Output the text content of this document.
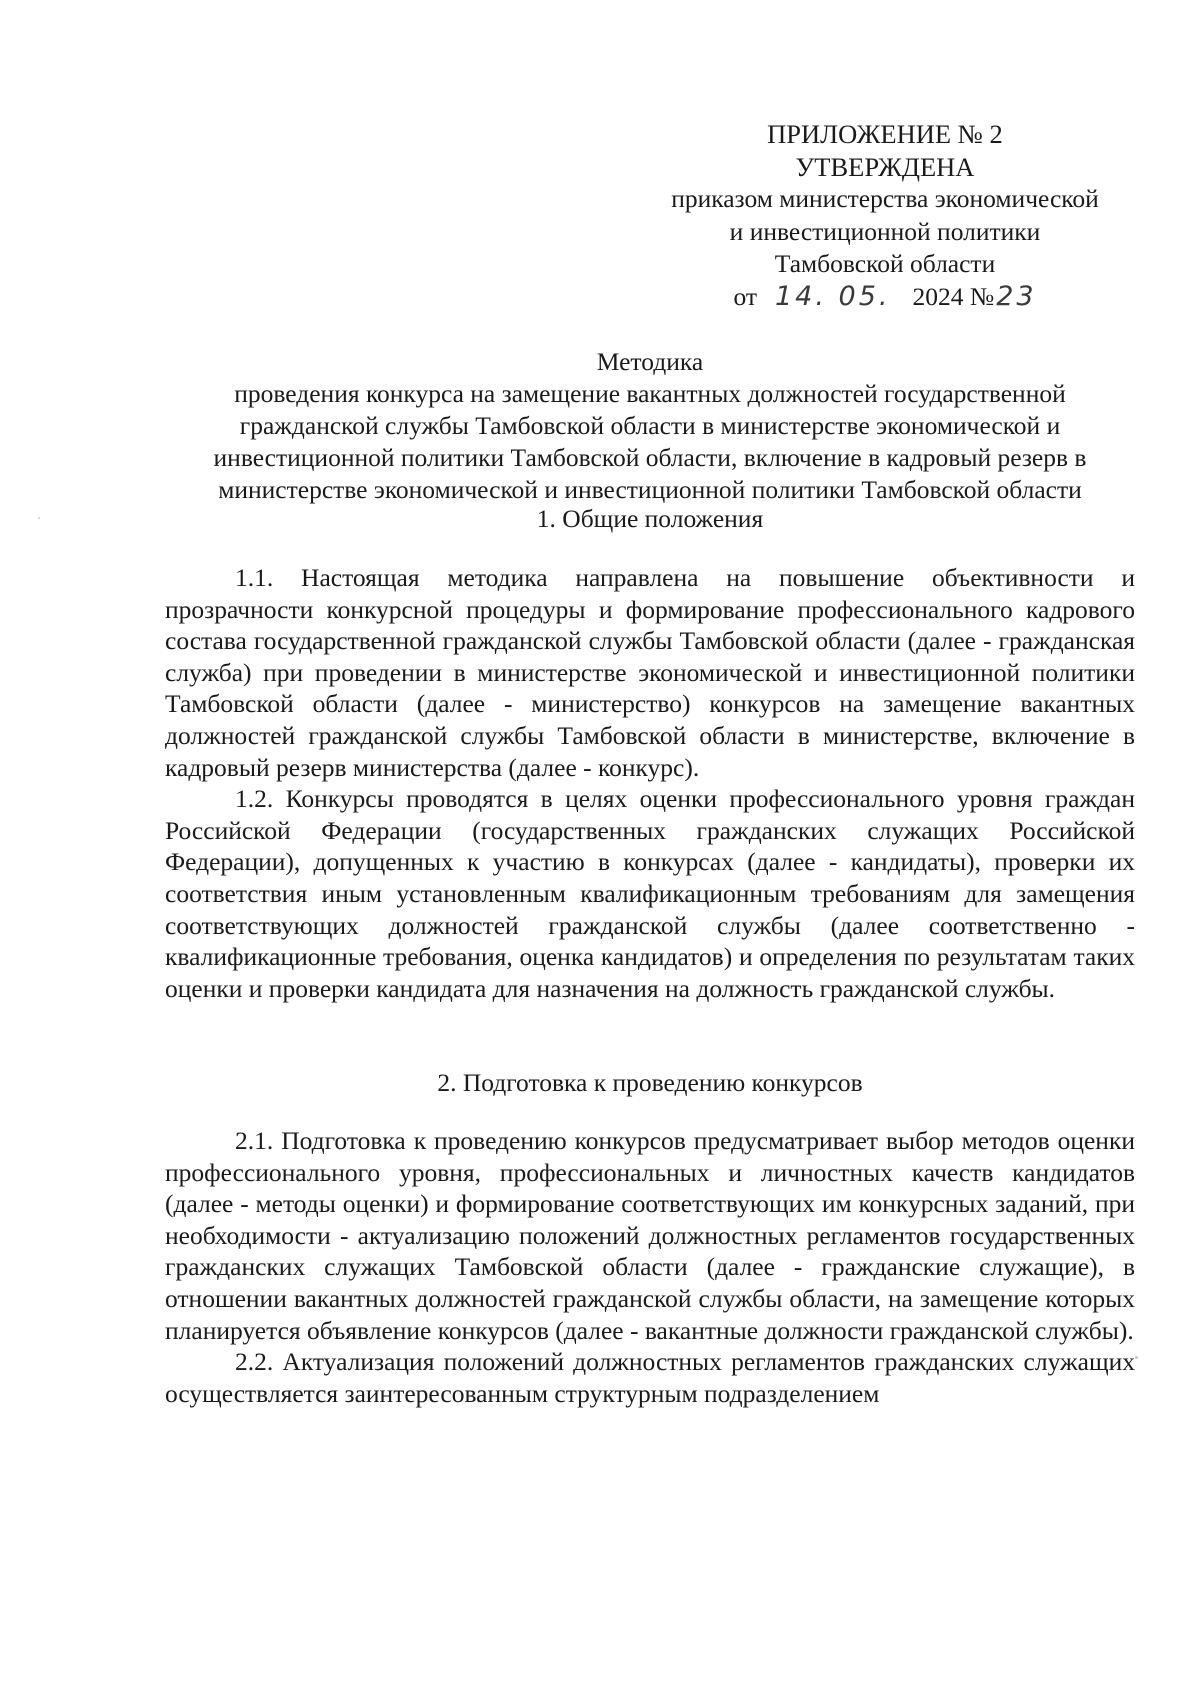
ПРИЛОЖЕНИЕ № 2
УТВЕРЖДЕНА
приказом министерства экономической
и инвестиционной политики
Тамбовской области
от 14. 05. 2024 №23
Методика
проведения конкурса на замещение вакантных должностей государственной гражданской службы Тамбовской области в министерстве экономической и инвестиционной политики Тамбовской области, включение в кадровый резерв в министерстве экономической и инвестиционной политики Тамбовской области
1. Общие положения

1.1. Настоящая методика направлена на повышение объективности и прозрачности конкурсной процедуры и формирование профессионального кадрового состава государственной гражданской службы Тамбовской области (далее - гражданская служба) при проведении в министерстве экономической и инвестиционной политики Тамбовской области (далее - министерство) конкурсов на замещение вакантных должностей гражданской службы Тамбовской области в министерстве, включение в кадровый резерв министерства (далее - конкурс).

1.2. Конкурсы проводятся в целях оценки профессионального уровня граждан Российской Федерации (государственных гражданских служащих Российской Федерации), допущенных к участию в конкурсах (далее - кандидаты), проверки их соответствия иным установленным квалификационным требованиям для замещения соответствующих должностей гражданской службы (далее соответственно - квалификационные требования, оценка кандидатов) и определения по результатам таких оценки и проверки кандидата для назначения на должность гражданской службы.

2. Подготовка к проведению конкурсов

2.1. Подготовка к проведению конкурсов предусматривает выбор методов оценки профессионального уровня, профессиональных и личностных качеств кандидатов (далее - методы оценки) и формирование соответствующих им конкурсных заданий, при необходимости - актуализацию положений должностных регламентов государственных гражданских служащих Тамбовской области (далее - гражданские служащие), в отношении вакантных должностей гражданской службы области, на замещение которых планируется объявление конкурсов (далее - вакантные должности гражданской службы).

2.2. Актуализация положений должностных регламентов гражданских служащих осуществляется заинтересованным структурным подразделением
